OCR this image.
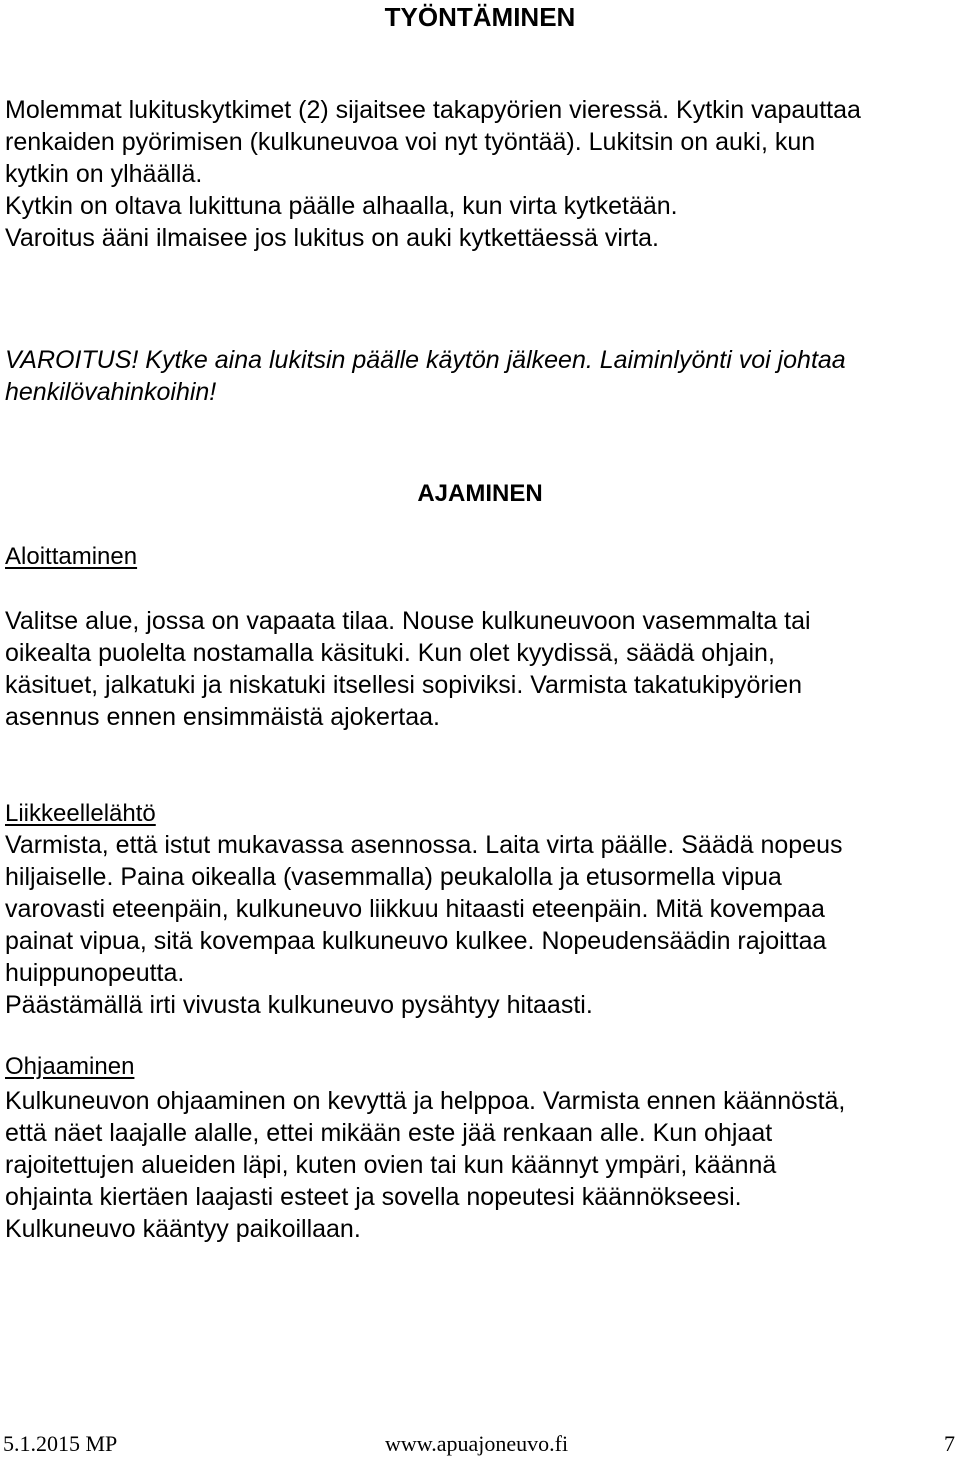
TYÖNTÄMINEN
Molemmat lukituskytkimet (2) sijaitsee takapyörien vieressä. Kytkin vapauttaa
renkaiden pyörimisen (kulkuneuvoa voi nyt työntää). Lukitsin on auki, kun
kytkin on ylhäällä.
Kytkin on oltava lukittuna päälle alhaalla, kun virta kytketään.
Varoitus ääni ilmaisee jos lukitus on auki kytkettäessä virta.
VAROITUS! Kytke aina lukitsin päälle käytön jälkeen. Laiminlyönti voi johtaa
henkilövahinkoihin!
AJAMINEN
Aloittaminen
Valitse alue, jossa on vapaata tilaa. Nouse kulkuneuvoon vasemmalta tai
oikealta puolelta nostamalla käsituki. Kun olet kyydissä, säädä ohjain,
käsituet, jalkatuki ja niskatuki itsellesi sopiviksi. Varmista takatukipyörien
asennus ennen ensimmäistä ajokertaa.
Liikkeellelähtö
Varmista, että istut mukavassa asennossa. Laita virta päälle. Säädä nopeus
hiljaiselle. Paina oikealla (vasemmalla) peukalolla ja etusormella vipua
varovasti eteenpäin, kulkuneuvo liikkuu hitaasti eteenpäin. Mitä kovempaa
painat vipua, sitä kovempaa kulkuneuvo kulkee. Nopeudensäädin rajoittaa
huippunopeutta.
Päästämällä irti vivusta kulkuneuvo pysähtyy hitaasti.
Ohjaaminen
Kulkuneuvon ohjaaminen on kevyttä ja helppoa. Varmista ennen käännöstä,
että näet laajalle alalle, ettei mikään este jää renkaan alle. Kun ohjaat
rajoitettujen alueiden läpi, kuten ovien tai kun käännyt ympäri, käännä
ohjainta kiertäen laajasti esteet ja sovella nopeutesi käännökseesi.
Kulkuneuvo kääntyy paikoillaan.
5.1.2015 MP	www.apuajoneuvo.fi	7
